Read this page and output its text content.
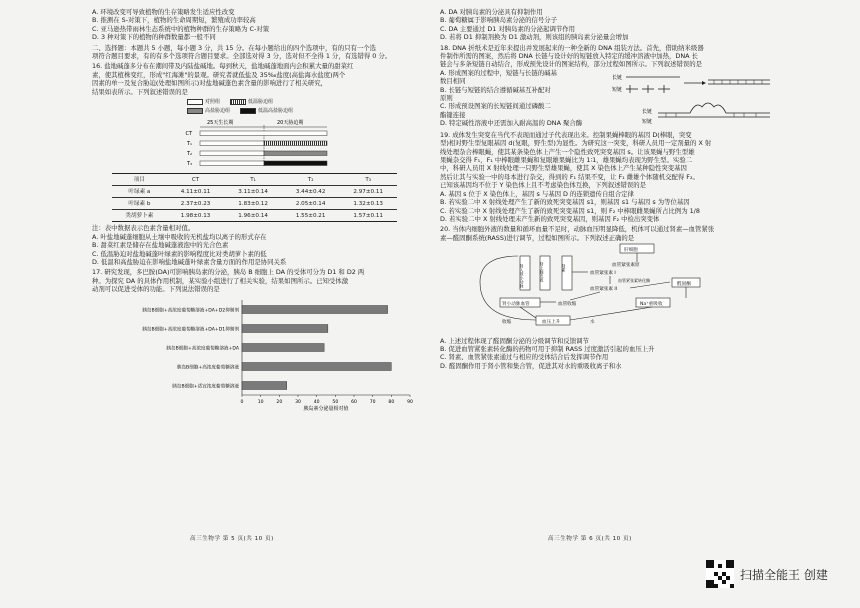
A. 环境改变可导致植物的生存策略发生适应性改变
B. 推测在 S-对策下，植物的生命周期短，繁殖成功率较高
C. 亚马逊热带雨林生态系统中的植物种群的生存策略为 C-对策
D. 3 种对策下的植物的种群数量都一般不同
二、选择题：本题共 5 小题，每小题 3 分，共 15 分。在每小题给出的四个选项中，有的只有一个选
项符合题目要求，有的有多个选项符合题目要求。全部选对得 3 分，选对但不全得 1 分，有选错得 0 分。
16. 盐地碱蓬多分布在潮间带及内陆盐碱地。每到秋天，盐地碱蓬地面内会积累大量的甜菜红
素，使其植株变红，形成"红海滩"的景观。研究者就低盐及 35‰盐度(高盐海水盐度)两个
因素的单一及复合胁迫(处理如图所示)对盐地碱蓬色素含量的影响进行了相关研究，
结果如表所示。下列叙述错误的是
对照组	低温胁迫组
高盐胁迫组	低温高盐胁迫组
25天生长期	20天胁迫期
CT
T₁
T₂
T₃
项目	CT	T₁	T₂	T₃
叶绿素 a	4.11±0.11	3.11±0.14	3.44±0.42	2.97±0.11
叶绿素 b	2.37±0.23	1.83±0.12	2.05±0.14	1.32±0.13
类胡萝卜素	1.98±0.13	1.96±0.14	1.55±0.21	1.57±0.11
注：表中数据表示色素含量相对值。
A. 叶盐地碱蓬细胞从土壤中吸收的无机盐均以离子的形式存在
B. 甜菜红素是储存在盐地碱蓬液泡中的光合色素
C. 低温胁迫对盐地碱蓬叶绿素的影响程度比对类胡萝卜素的低
D. 低温和高盐胁迫在影响盐地碱蓬叶绿素含量方面的作用是协同关系
17. 研究发现，多巴胺(DA)可影响胰岛素的分泌，胰岛 B 细胞上 DA 的受体可分为 D1 和 D2 两
种。为探究 DA 的具体作用机制，某实验小组进行了相关实验，结果如图所示。已知受体激
动剂可以促进受体的功能。下列说法错误的是
胰岛B细胞+高浓度葡萄糖溶液+DA+D2抑制剂
胰岛B细胞+高浓度葡萄糖溶液+DA+D1抑制剂
胰岛B细胞+高浓度葡萄糖溶液+DA
胰岛B细胞+高浓度葡萄糖溶液
胰岛B细胞+适宜浓度葡萄糖溶液
0	10	20	30	40	50	60	70	80	90
胰岛素分泌量相对值
A. DA 对胰岛素的分泌具有抑制作用
B. 葡萄糖属于影响胰岛素分泌的信号分子
C. DA 主要通过 D1 对胰岛素的分泌起调节作用
D. 若将 D1 抑制剂换为 D1 激动剂，则该组的胰岛素分泌量会增加
18. DNA 折纸术是近年来提出并发展起来的一种全新的 DNA 组装方法。首先，借助纳米级器
件制作所需的图案，然后将 DNA 长链与设计好的短链放入特定的缓冲溶液中加热，DNA 长
链会与多条短链自动结合，形成预先设计的图案结构，部分过程如图所示。下列叙述错误的是
A. 形成图案的过程中，短链与长链的碱基
数目相同
B. 长链与短链的结合遵循碱基互补配对
原则
C. 形成预设图案的长短链间通过磷酸二
酯键连接
D. 特定碱性溶液中还需加入耐高温的 DNA 聚合酶
长链
短链
长链
短链
19. 成体发生突变在当代不表现而通过子代表现出来。控制果蝇棒眼的基因 D(棒眼，突变
型)相对野生型复眼基因 d(复眼，野生型)为显性。为研究这一突变，科研人员用一定剂量的 X 射
线处理杂合棒眼蝇，使其某条染色体上产生一个隐性致死突变基因 s。让该果蝇与野生型雄
果蝇杂交得 F₁，F₁ 中棒眼雌果蝇和复眼雄果蝇比为 1∶1，雄果蝇均表现为野生型。实验二
中，科研人员用 X 射线处理一只野生型雄果蝇，使其 X 染色体上产生某种隐性突变基因
然后让其与实验一中的母本进行杂交，得到的 F₁ 结果不变，让 F₁ 雌雄个体随机交配得 F₂。
已知该基因均不位于 Y 染色体上且不考虑染色体互换，下列叙述错误的是
A. 基因 s 位于 X 染色体上，基因 s 与基因 D 的连锁遗传自组合定律
B. 若实验二中 X 射线处理产生了新的致死突变基因 s1，则基因 s1 与基因 s 为等位基因
C. 若实验二中 X 射线处理产生了新的致死突变基因 s1，则 F₂ 中棒眼雌果蝇所占比例为 1/8
D. 若实验二中 X 射线处理未产生新的致死突变基因，则基因 F₂ 中检出突变体
20. 当体内细胞外液的数量和循环血量不足时，动脉血压明显降低，机体可以通过肾素—血管紧张
素—醛固酮系统(RASS)进行调节，过程如图所示。下列叙述正确的是
肝细胞
血管紧张素原
肾入球小动脉	肾上腺皮质	肾素
血管紧张素 I
血管紧张素转化酶
血管紧张素 II
醛固酮
肾小动脉血管	血管收缩	Na⁺重吸收
血压上升
收缩	水
A. 上述过程体现了醛固酮分泌的分级调节和反馈调节
B. 促进血管紧张素转化酶的药物可用于抑制 RASS 过度激活引起的血压上升
C. 肾素、血管紧张素通过与相应的受体结合后发挥调节作用
D. 醛固酮作用于肾小管和集合管，促进其对水的重吸收离子和水
高三生物学 第 5 页(共 10 页)	高三生物学 第 6 页(共 10 页)
扫描全能王 创建
